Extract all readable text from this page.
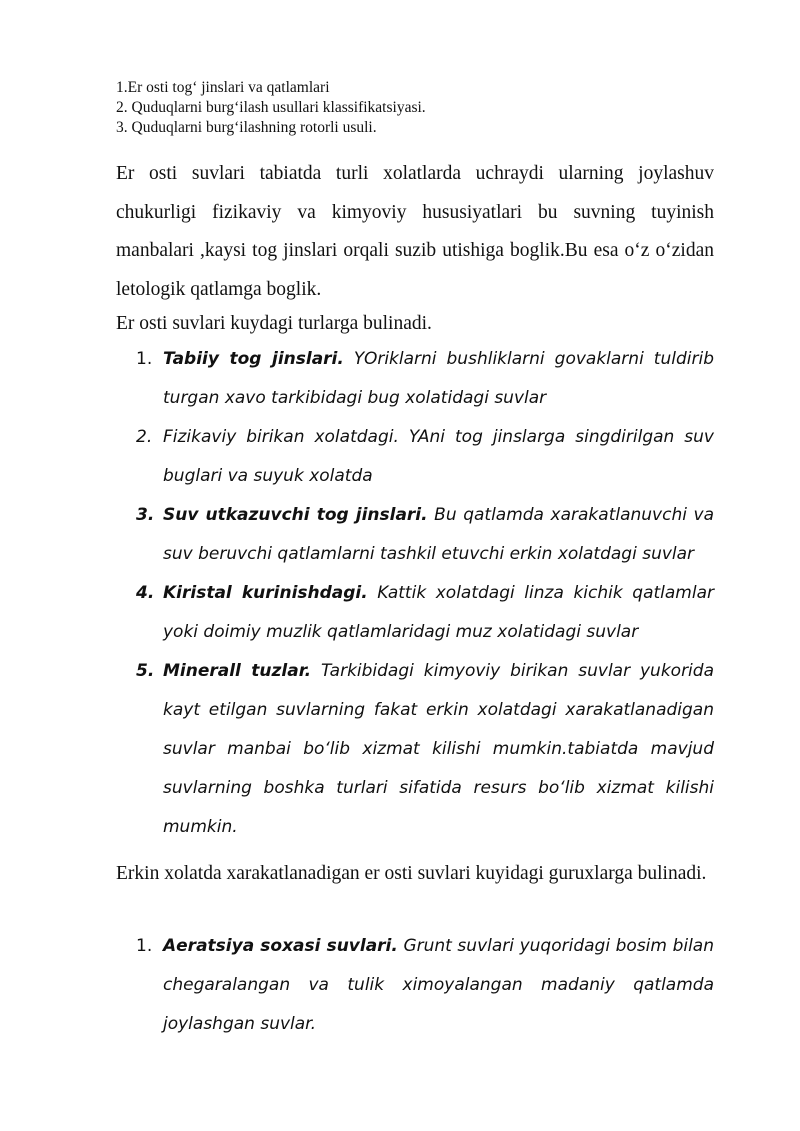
1.Er osti tog‘ jinslari va qatlamlari
2. Quduqlarni burg‘ilash usullari klassifikatsiyasi.
3. Quduqlarni burg‘ilashning rotorli usuli.

Er osti suvlari tabiatda turli xolatlarda uchraydi ularning joylashuv chukurligi fizikaviy va kimyoviy hususiyatlari bu suvning tuyinish manbalari ,kaysi tog jinslari orqali suzib utishiga boglik.Bu esa o‘z o‘zidan letologik qatlamga boglik.

Er osti suvlari kuydagi turlarga bulinadi.

1. Tabiiy tog jinslari. YOriklarni bushliklarni govaklarni tuldirib turgan xavo tarkibidagi bug xolatidagi suvlar
2. Fizikaviy birikan xolatdagi. YAni tog jinslarga singdirilgan suv buglari va suyuk xolatda
3. Suv utkazuvchi tog jinslari. Bu qatlamda xarakatlanuvchi va suv beruvchi qatlamlarni tashkil etuvchi erkin xolatdagi suvlar
4. Kiristal kurinishdagi. Kattik xolatdagi linza kichik qatlamlar yoki doimiy muzlik qatlamlaridagi muz xolatidagi suvlar
5. Minerall tuzlar. Tarkibidagi kimyoviy birikan suvlar yukorida kayt etilgan suvlarning fakat erkin xolatdagi xarakatlanadigan suvlar manbai bo‘lib xizmat kilishi mumkin.tabiatda mavjud suvlarning boshka turlari sifatida resurs bo‘lib xizmat kilishi mumkin.

Erkin xolatda xarakatlanadigan er osti suvlari kuyidagi guruxlarga bulinadi.

1. Aeratsiya soxasi suvlari. Grunt suvlari yuqoridagi bosim bilan chegaralangan va tulik ximoyalangan madaniy qatlamda joylashgan suvlar.
